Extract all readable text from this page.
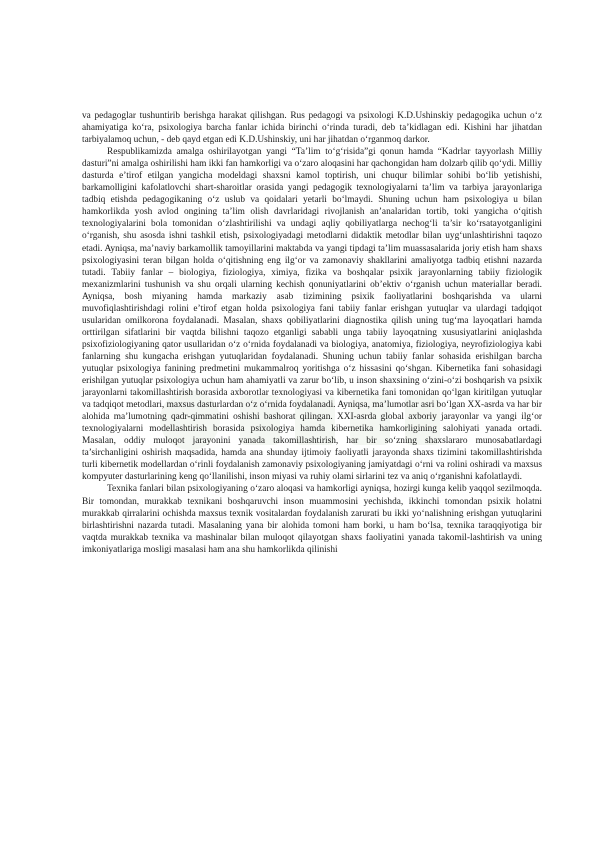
va pedagoglar tushuntirib berishga harakat qilishgan. Rus pedagogi va psixologi K.D.Ushinskiy pedagogika uchun o‘z ahamiyatiga ko‘ra, psixologiya barcha fanlar ichida birinchi o‘rinda turadi, deb ta’kidlagan edi. Kishini har jihatdan tarbiyalamoq uchun, - deb qayd etgan edi K.D.Ushinskiy, uni har jihatdan o‘rganmoq darkor.

Respublikamizda amalga oshirilayotgan yangi “Ta’lim to‘g‘risida”gi qonun hamda “Kadrlar tayyorlash Milliy dasturi”ni amalga oshirilishi ham ikki fan hamkorligi va o‘zaro aloqasini har qachongidan ham dolzarb qilib qo‘ydi. Milliy dasturda e’tirof etilgan yangicha modeldagi shaxsni kamol toptirish, uni chuqur bilimlar sohibi bo‘lib yetishishi, barkamolligini kafolatlovchi shart-sharoitlar orasida yangi pedagogik texnologiyalarni ta’lim va tarbiya jarayonlariga tadbiq etishda pedagogikaning o‘z uslub va qoidalari yetarli bo‘lmaydi. Shuning uchun ham psixologiya u bilan hamkorlikda yosh avlod ongining ta’lim olish davrlaridagi rivojlanish an’analaridan tortib, toki yangicha o‘qitish texnologiyalarini bola tomonidan o‘zlashtirilishi va undagi aqliy qobiliyatlarga nechog‘li ta’sir ko‘rsatayotganligini o‘rganish, shu asosda ishni tashkil etish, psixologiyadagi metodlarni didaktik metodlar bilan uyg‘unlashtirishni taqozo etadi. Ayniqsa, ma’naviy barkamollik tamoyillarini maktabda va yangi tipdagi ta’lim muassasalarida joriy etish ham shaxs psixologiyasini teran bilgan holda o‘qitishning eng ilg‘or va zamonaviy shakllarini amaliyotga tadbiq etishni nazarda tutadi. Tabiiy fanlar – biologiya, fiziologiya, ximiya, fizika va boshqalar psixik jarayonlarning tabiiy fiziologik mexanizmlarini tushunish va shu orqali ularning kechish qonuniyatlarini ob’ektiv o‘rganish uchun materiallar beradi. Ayniqsa, bosh miyaning hamda markaziy asab tizimining psixik faoliyatlarini boshqarishda va ularni muvofiqlashtirishdagi rolini e’tirof etgan holda psixologiya fani tabiiy fanlar erishgan yutuqlar va ulardagi tadqiqot usularidan omilkorona foydalanadi. Masalan, shaxs qobiliyatlarini diagnostika qilish uning tug‘ma layoqatlari hamda orttirilgan sifatlarini bir vaqtda bilishni taqozo etganligi sababli unga tabiiy layoqatning xususiyatlarini aniqlashda psixofiziologiyaning qator usullaridan o‘z o‘rnida foydalanadi va biologiya, anatomiya, fiziologiya, neyrofiziologiya kabi fanlarning shu kungacha erishgan yutuqlaridan foydalanadi. Shuning uchun tabiiy fanlar sohasida erishilgan barcha yutuqlar psixologiya fanining predmetini mukammalroq yoritishga o‘z hissasini qo‘shgan. Kibernetika fani sohasidagi erishilgan yutuqlar psixologiya uchun ham ahamiyatli va zarur bo‘lib, u inson shaxsining o‘zini-o‘zi boshqarish va psixik jarayonlarni takomillashtirish borasida axborotlar texnologiyasi va kibernetika fani tomonidan qo‘lgan kiritilgan yutuqlar va tadqiqot metodlari, maxsus dasturlardan o‘z o‘rnida foydalanadi. Ayniqsa, ma’lumotlar asri bo‘lgan XX-asrda va har bir alohida ma’lumotning qadr-qimmatini oshishi bashorat qilingan. XXI-asrda global axboriy jarayonlar va yangi ilg‘or texnologiyalarni modellashtirish borasida psixologiya hamda kibernetika hamkorligining salohiyati yanada ortadi. Masalan, oddiy muloqot jarayonini yanada takomillashtirish, har bir so‘zning shaxslararo munosabatlardagi ta’sirchanligini oshirish maqsadida, hamda ana shunday ijtimoiy faoliyatli jarayonda shaxs tizimini takomillashtirishda turli kibernetik modellardan o‘rinli foydalanish zamonaviy psixologiyaning jamiyatdagi o‘rni va rolini oshiradi va maxsus kompyuter dasturlarining keng qo‘llanilishi, inson miyasi va ruhiy olami sirlarini tez va aniq o‘rganishni kafolatlaydi.

Texnika fanlari bilan psixologiyaning o‘zaro aloqasi va hamkorligi ayniqsa, hozirgi kunga kelib yaqqol sezilmoqda. Bir tomondan, murakkab texnikani boshqaruvchi inson muammosini yechishda, ikkinchi tomondan psixik holatni murakkab qirralarini ochishda maxsus texnik vositalardan foydalanish zarurati bu ikki yo‘nalishning erishgan yutuqlarini birlashtirishni nazarda tutadi. Masalaning yana bir alohida tomoni ham borki, u ham bo‘lsa, texnika taraqqiyotiga bir vaqtda murakkab texnika va mashinalar bilan muloqot qilayotgan shaxs faoliyatini yanada takomil-lashtirish va uning imkoniyatlariga mosligi masalasi ham ana shu hamkorlikda qilinishi
